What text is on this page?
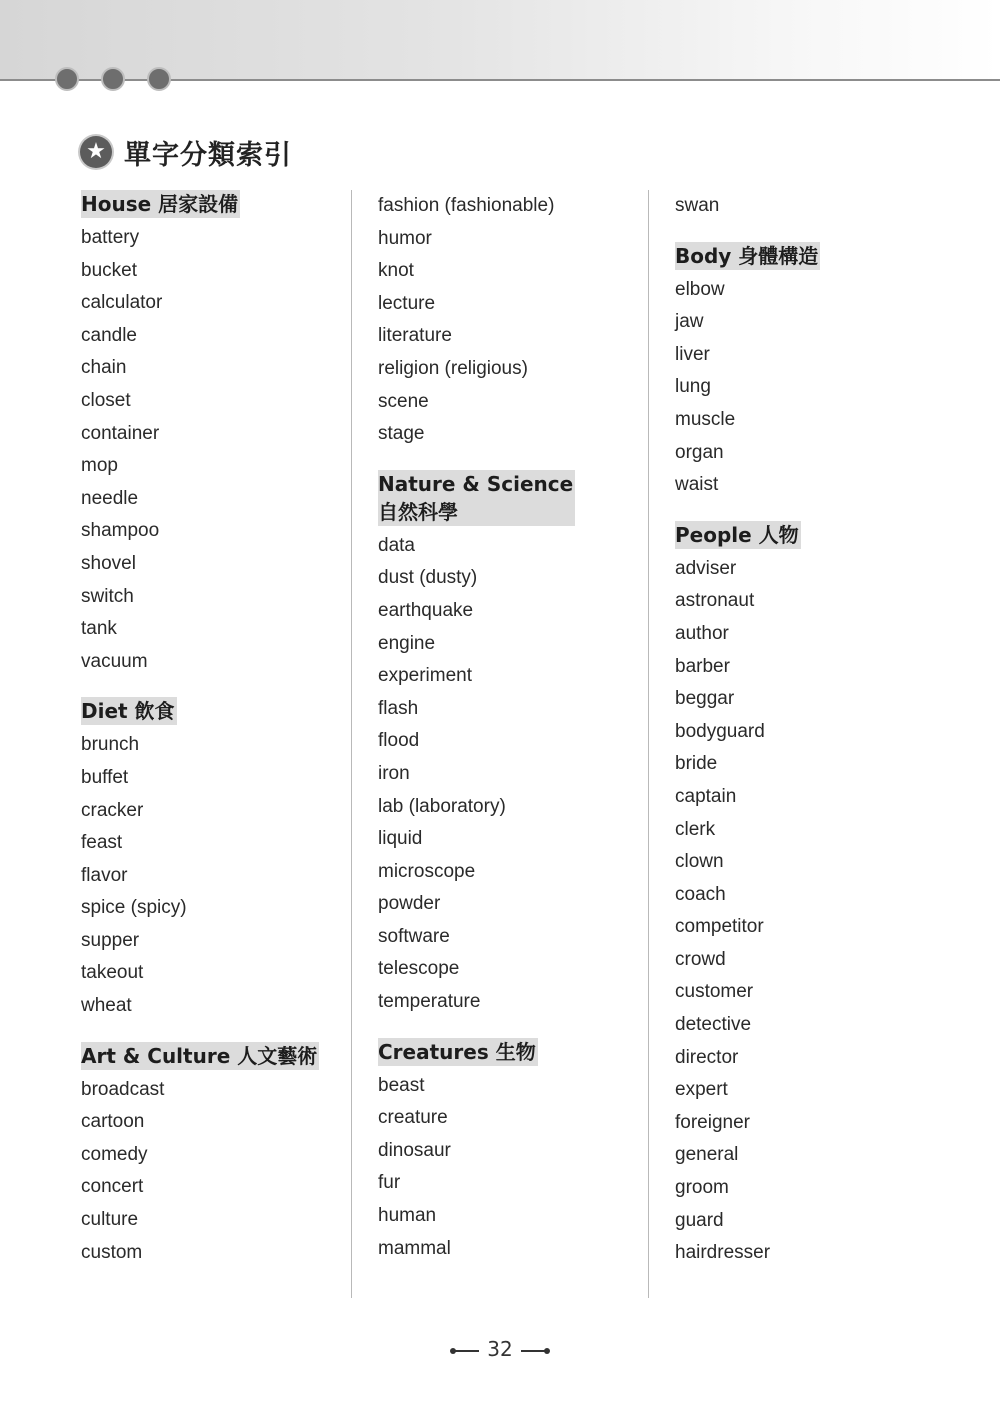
★ 單字分類索引
House 居家設備
battery
bucket
calculator
candle
chain
closet
container
mop
needle
shampoo
shovel
switch
tank
vacuum
Diet 飲食
brunch
buffet
cracker
feast
flavor
spice (spicy)
supper
takeout
wheat
Art & Culture 人文藝術
broadcast
cartoon
comedy
concert
culture
custom
fashion (fashionable)
humor
knot
lecture
literature
religion (religious)
scene
stage
Nature & Science
自然科學
data
dust (dusty)
earthquake
engine
experiment
flash
flood
iron
lab (laboratory)
liquid
microscope
powder
software
telescope
temperature
Creatures 生物
beast
creature
dinosaur
fur
human
mammal
swan
Body 身體構造
elbow
jaw
liver
lung
muscle
organ
waist
People 人物
adviser
astronaut
author
barber
beggar
bodyguard
bride
captain
clerk
clown
coach
competitor
crowd
customer
detective
director
expert
foreigner
general
groom
guard
hairdresser
32
